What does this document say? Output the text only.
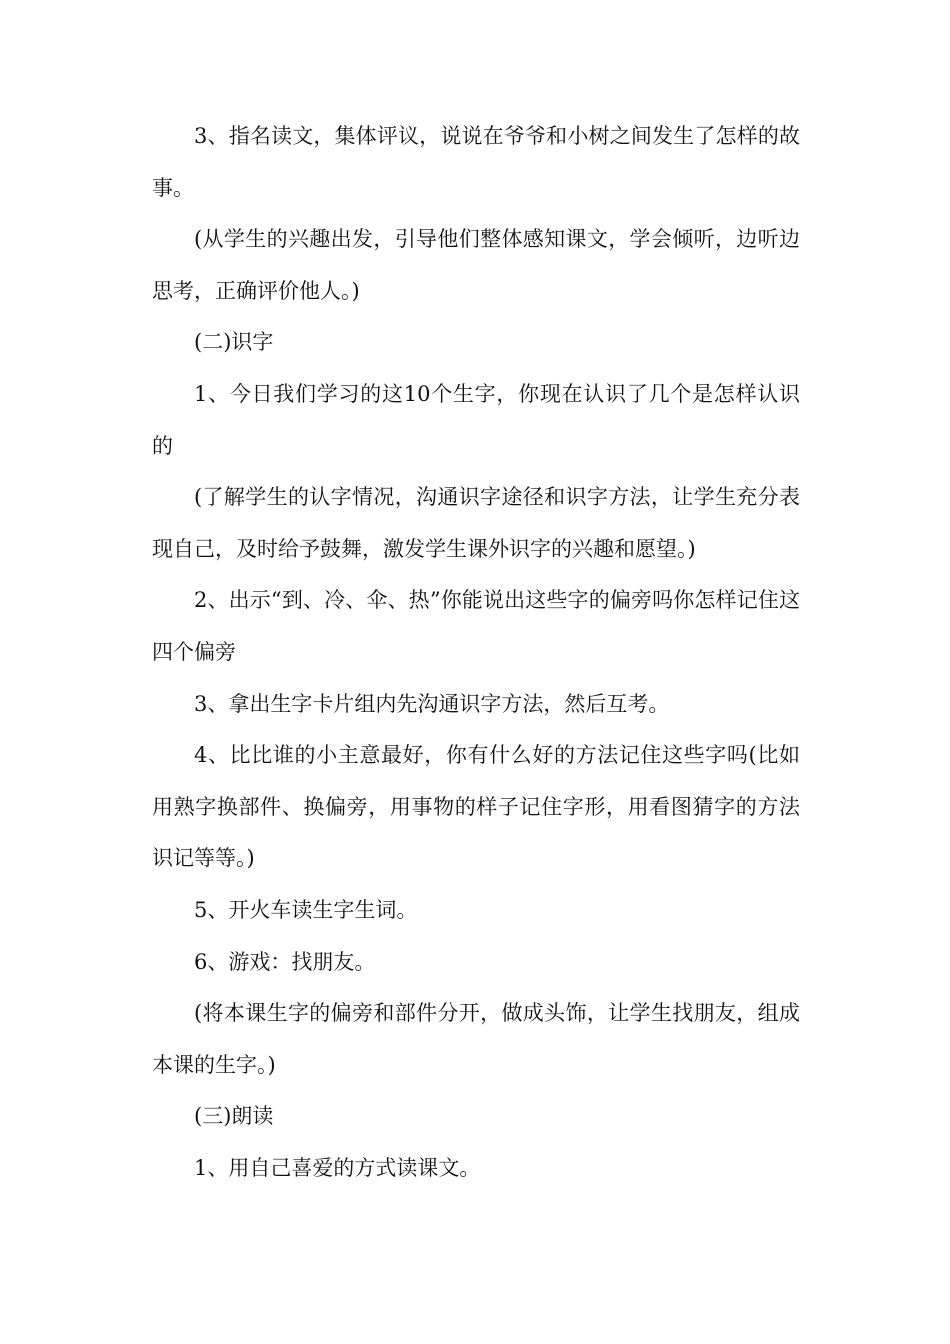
3、指名读文，集体评议，说说在爷爷和小树之间发生了怎样的故事。

(从学生的兴趣出发，引导他们整体感知课文，学会倾听，边听边思考，正确评价他人。)

(二)识字

1、今日我们学习的这10个生字，你现在认识了几个是怎样认识的

(了解学生的认字情况，沟通识字途径和识字方法，让学生充分表现自己，及时给予鼓舞，激发学生课外识字的兴趣和愿望。)

2、出示“到、冷、伞、热”你能说出这些字的偏旁吗你怎样记住这四个偏旁

3、拿出生字卡片组内先沟通识字方法，然后互考。

4、比比谁的小主意最好，你有什么好的方法记住这些字吗(比如用熟字换部件、换偏旁，用事物的样子记住字形，用看图猜字的方法识记等等。)

5、开火车读生字生词。

6、游戏：找朋友。

(将本课生字的偏旁和部件分开，做成头饰，让学生找朋友，组成本课的生字。)

(三)朗读

1、用自己喜爱的方式读课文。
